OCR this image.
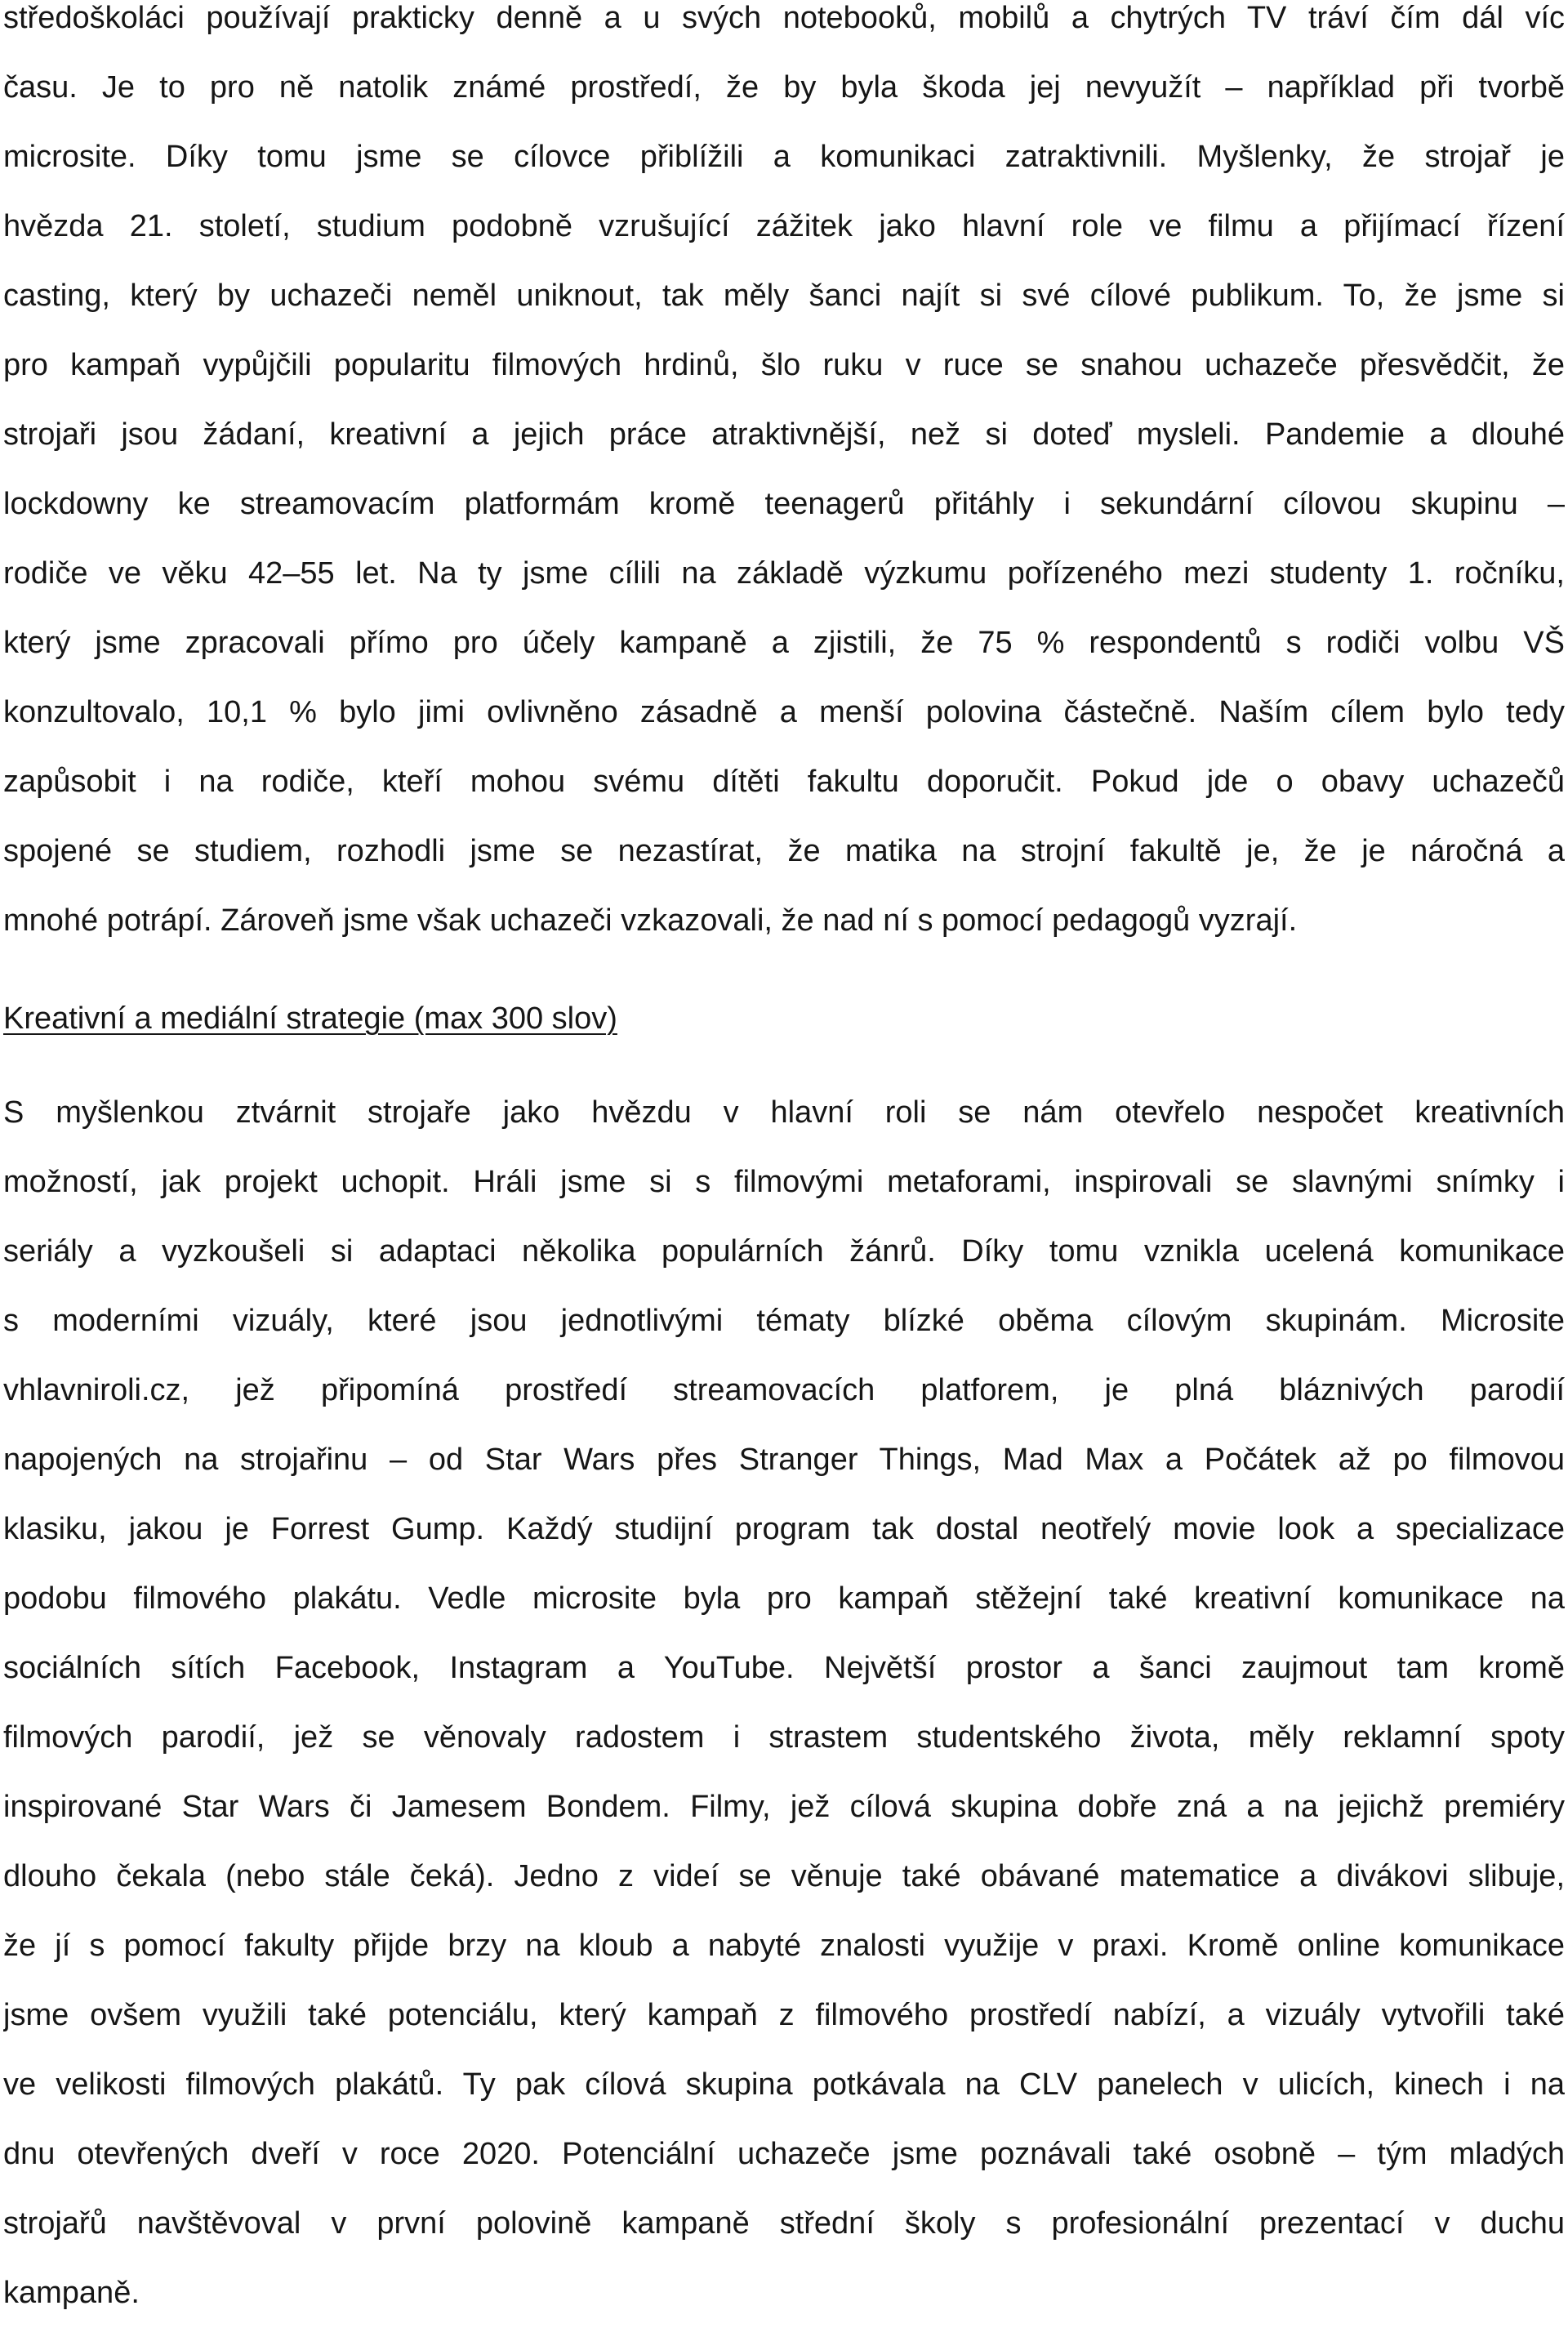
středoškoláci používají prakticky denně a u svých notebooků, mobilů a chytrých TV tráví čím dál víc
času. Je to pro ně natolik známé prostředí, že by byla škoda jej nevyužít – například při tvorbě
microsite. Díky tomu jsme se cílovce přiblížili a komunikaci zatraktivnili. Myšlenky, že strojař je
hvězda 21. století, studium podobně vzrušující zážitek jako hlavní role ve filmu a přijímací řízení
casting, který by uchazeči neměl uniknout, tak měly šanci najít si své cílové publikum. To, že jsme si
pro kampaň vypůjčili popularitu filmových hrdinů, šlo ruku v ruce se snahou uchazeče přesvědčit, že
strojaři jsou žádaní, kreativní a jejich práce atraktivnější, než si doteď mysleli. Pandemie a dlouhé
lockdowny ke streamovacím platformám kromě teenagerů přitáhly i sekundární cílovou skupinu –
rodiče ve věku 42–55 let. Na ty jsme cílili na základě výzkumu pořízeného mezi studenty 1. ročníku,
který jsme zpracovali přímo pro účely kampaně a zjistili, že 75 % respondentů s rodiči volbu VŠ
konzultovalo, 10,1 % bylo jimi ovlivněno zásadně a menší polovina částečně. Naším cílem bylo tedy
zapůsobit i na rodiče, kteří mohou svému dítěti fakultu doporučit. Pokud jde o obavy uchazečů
spojené se studiem, rozhodli jsme se nezastírat, že matika na strojní fakultě je, že je náročná a
mnohé potrápí. Zároveň jsme však uchazeči vzkazovali, že nad ní s pomocí pedagogů vyzrají.
Kreativní a mediální strategie (max 300 slov)
S myšlenkou ztvárnit strojaře jako hvězdu v hlavní roli se nám otevřelo nespočet kreativních
možností, jak projekt uchopit. Hráli jsme si s filmovými metaforami, inspirovali se slavnými snímky i
seriály a vyzkoušeli si adaptaci několika populárních žánrů. Díky tomu vznikla ucelená komunikace
s moderními vizuály, které jsou jednotlivými tématy blízké oběma cílovým skupinám. Microsite
vhlavniroli.cz, jež připomíná prostředí streamovacích platforem, je plná bláznivých parodií
napojených na strojařinu – od Star Wars přes Stranger Things, Mad Max a Počátek až po filmovou
klasiku, jakou je Forrest Gump. Každý studijní program tak dostal neotřelý movie look a specializace
podobu filmového plakátu. Vedle microsite byla pro kampaň stěžejní také kreativní komunikace na
sociálních sítích Facebook, Instagram a YouTube. Největší prostor a šanci zaujmout tam kromě
filmových parodií, jež se věnovaly radostem i strastem studentského života, měly reklamní spoty
inspirované Star Wars či Jamesem Bondem. Filmy, jež cílová skupina dobře zná a na jejichž premiéry
dlouho čekala (nebo stále čeká). Jedno z videí se věnuje také obávané matematice a divákovi slibuje,
že jí s pomocí fakulty přijde brzy na kloub a nabyté znalosti využije v praxi. Kromě online komunikace
jsme ovšem využili také potenciálu, který kampaň z filmového prostředí nabízí, a vizuály vytvořili také
ve velikosti filmových plakátů. Ty pak cílová skupina potkávala na CLV panelech v ulicích, kinech i na
dnu otevřených dveří v roce 2020. Potenciální uchazeče jsme poznávali také osobně – tým mladých
strojařů navštěvoval v první polovině kampaně střední školy s profesionální prezentací v duchu
kampaně.
